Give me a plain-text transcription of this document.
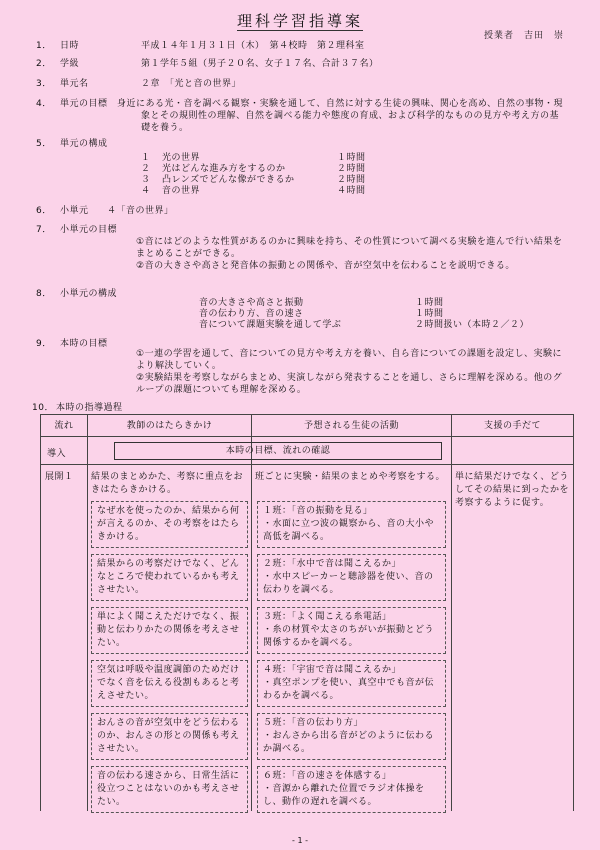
理科学習指導案
授業者　吉田　崇
1． 日時	平成１４年１月３１日（木）　第４校時　第２理科室
2． 学級	第１学年５組（男子２０名、女子１７名、合計３７名）
3． 単元名	２章　「光と音の世界」
4． 単元の目標 身近にある光・音を調べる観察・実験を通して、自然に対する生徒の興味、関心を高め、自然の事物・現象とその規則性の理解、自然を調べる能力や態度の育成、および科学的なものの見方や考え方の基礎を養う。
5． 単元の構成
１ 光の世界	１時間
２ 光はどんな進み方をするのか	２時間
３ 凸レンズでどんな像ができるか	２時間
４ 音の世界	４時間
6． 小単元 ４「音の世界」
7． 小単元の目標
①音にはどのような性質があるのかに興味を持ち、その性質について調べる実験を進んで行い結果をまとめることができる。
②音の大きさや高さと発音体の振動との関係や、音が空気中を伝わることを説明できる。
8． 小単元の構成
音の大きさや高さと振動	１時間
音の伝わり方、音の速さ	１時間
音について課題実験を通して学ぶ	２時間扱い（本時２／２）
9． 本時の目標
①一連の学習を通して、音についての見方や考え方を養い、自ら音についての課題を設定し、実験により解決していく。
②実験結果を考察しながらまとめ、実演しながら発表することを通し、さらに理解を深める。他のグループの課題についても理解を深める。
10． 本時の指導過程
流れ	教師のはたらきかけ	予想される生徒の活動	支援の手だて
導入	本時の目標、流れの確認
展開１ 結果のまとめかた、考察に重点をおきはたらきかける。
班ごとに実験・結果のまとめや考察をする。	単に結果だけでなく、どうしてその結果に到ったかを考察するように促す。
なぜ水を使ったのか、結果から何が言えるのか、その考察をはたらきかける。
１班：「音の振動を見る」
・水面に立つ波の観察から、音の大小や高低を調べる。
結果からの考察だけでなく、どんなところで使われているかも考えさせたい。
２班：「水中で音は聞こえるか」
・水中スピーカーと聴診器を使い、音の伝わりを調べる。
単によく聞こえただけでなく、振動と伝わりかたの関係を考えさせたい。
３班：「よく聞こえる糸電話」
・糸の材質や太さのちがいが振動とどう関係するかを調べる。
空気は呼吸や温度調節のためだけでなく音を伝える役割もあると考えさせたい。
４班：「宇宙で音は聞こえるか」
・真空ポンプを使い、真空中でも音が伝わるかを調べる。
おんさの音が空気中をどう伝わるのか、おんさの形との関係も考えさせたい。
５班：「音の伝わり方」
・おんさから出る音がどのように伝わるか調べる。
音の伝わる速さから、日常生活に役立つことはないのかも考えさせたい。
６班：「音の速さを体感する」
・音源から離れた位置でラジオ体操をし、動作の遅れを調べる。
- 1 -
